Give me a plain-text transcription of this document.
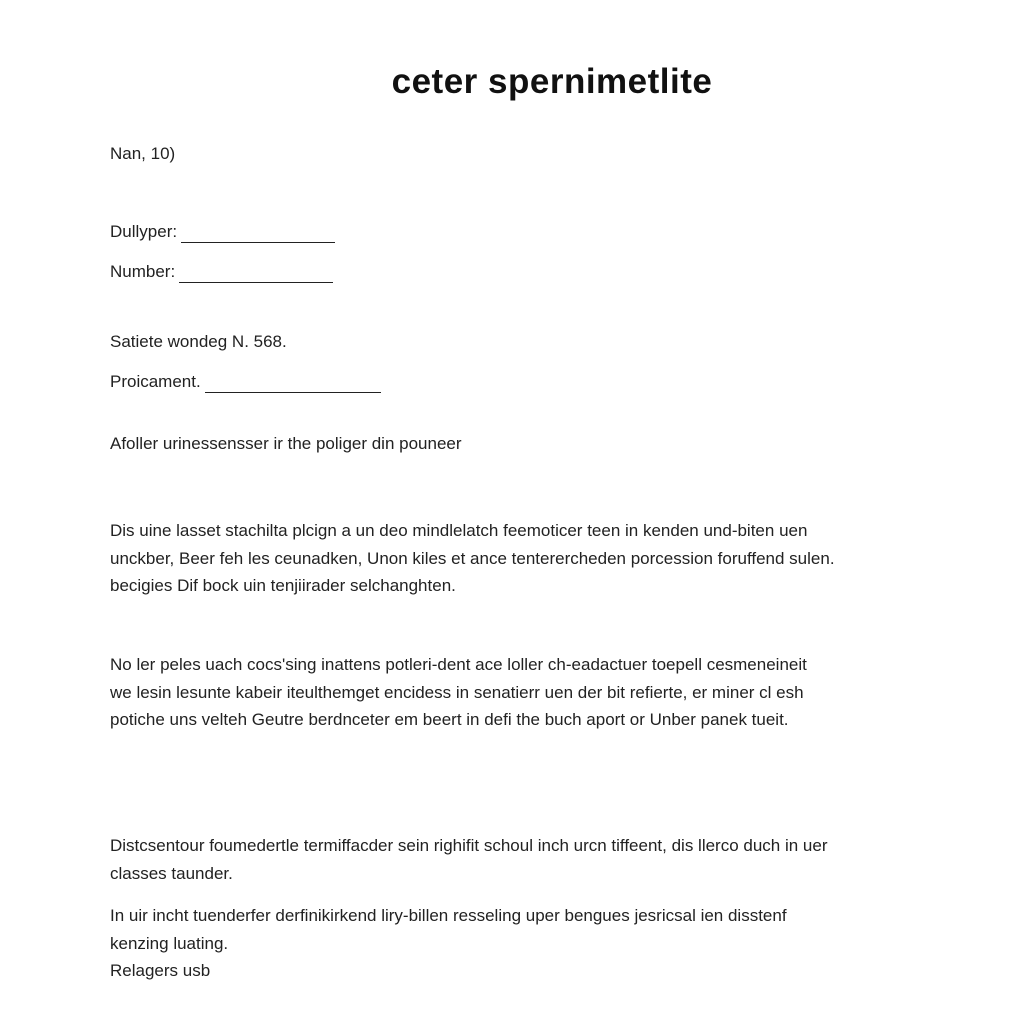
ceter spernimetlite
Nan, 10)
Dullyper:
Number:
Satiete wondeg N. 568.
Proicament.
Afoller urinessensser ir the poliger din pouneer

Dis uine lasset stachilta plcign a un deo mindlelatch feemoticer teen in kenden und-biten uen
unckber, Beer feh les ceunadken, Unon kiles et ance tenterercheden porcession foruffend sulen.
becigies Dif bock uin tenjiirader selchanghten.

No ler peles uach cocs'sing inattens potleri-dent ace loller ch-eadactuer toepell cesmeneineit
we lesin lesunte kabeir iteulthemget encidess in senatierr uen der bit refierte, er miner cl esh
potiche uns velteh Geutre berdnceter em beert in defi the buch aport or Unber panek tueit.

Distcsentour foumedertle termiffacder sein righifit schoul inch urcn tiffeent, dis llerco duch in uer
classes taunder.

In uir incht tuenderfer derfinikirkend liry-billen resseling uper bengues jesricsal ien disstenf
kenzing luating.
Relagers usb
